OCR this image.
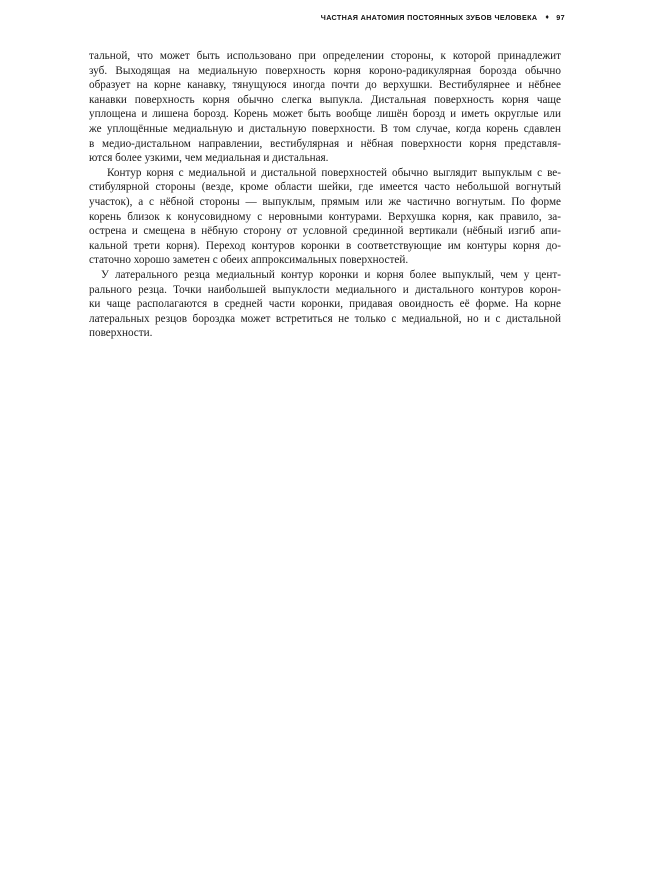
ЧАСТНАЯ АНАТОМИЯ ПОСТОЯННЫХ ЗУБОВ ЧЕЛОВЕКА ♦ 97
тальной, что может быть использовано при определении стороны, к которой принадлежит
зуб. Выходящая на медиальную поверхность корня короно-радикулярная борозда обычно
образует на корне канавку, тянущуюся иногда почти до верхушки. Вестибулярнее и нёбнее
канавки поверхность корня обычно слегка выпукла. Дистальная поверхность корня чаще
уплощена и лишена борозд. Корень может быть вообще лишён борозд и иметь округлые или
же уплощённые медиальную и дистальную поверхности. В том случае, когда корень сдавлен
в медио-дистальном направлении, вестибулярная и нёбная поверхности корня представля-
ются более узкими, чем медиальная и дистальная.
Контур корня с медиальной и дистальной поверхностей обычно выглядит выпуклым с ве-
стибулярной стороны (везде, кроме области шейки, где имеется часто небольшой вогнутый
участок), а с нёбной стороны — выпуклым, прямым или же частично вогнутым. По форме
корень близок к конусовидному с неровными контурами. Верхушка корня, как правило, за-
острена и смещена в нёбную сторону от условной срединной вертикали (нёбный изгиб апи-
кальной трети корня). Переход контуров коронки в соответствующие им контуры корня до-
статочно хорошо заметен с обеих аппроксимальных поверхностей.
У латерального резца медиальный контур коронки и корня более выпуклый, чем у цент-
рального резца. Точки наибольшей выпуклости медиального и дистального контуров корон-
ки чаще располагаются в средней части коронки, придавая овоидность её форме. На корне
латеральных резцов бороздка может встретиться не только с медиальной, но и с дистальной
поверхности.
